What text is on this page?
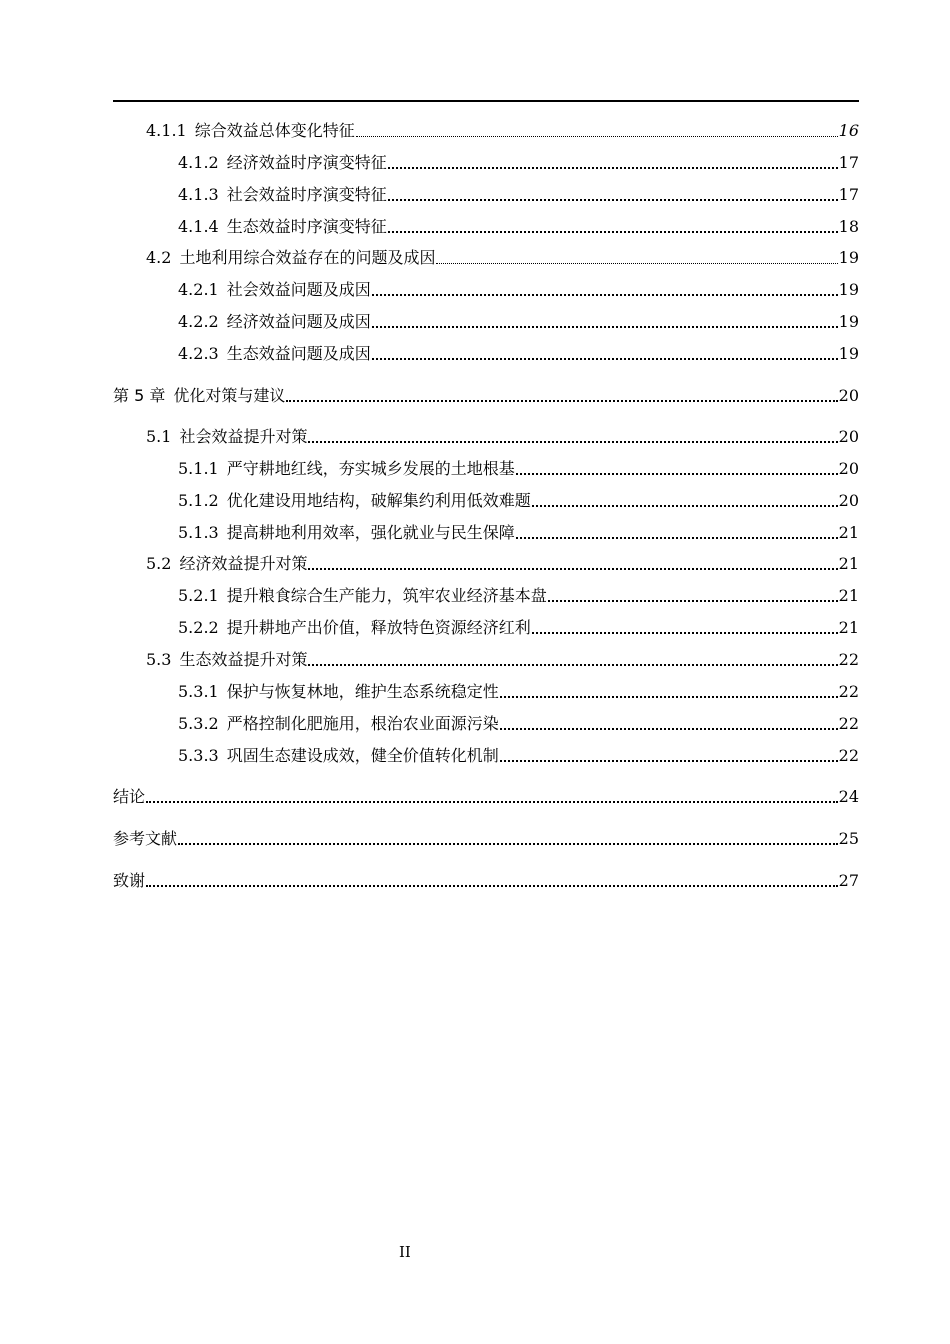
4.1.1 综合效益总体变化特征	16
4.1.2 经济效益时序演变特征	17
4.1.3 社会效益时序演变特征	17
4.1.4 生态效益时序演变特征	18
4.2 土地利用综合效益存在的问题及成因	19
4.2.1 社会效益问题及成因	19
4.2.2 经济效益问题及成因	19
4.2.3 生态效益问题及成因	19
第 5 章 优化对策与建议	20
5.1 社会效益提升对策	20
5.1.1 严守耕地红线，夯实城乡发展的土地根基	20
5.1.2 优化建设用地结构，破解集约利用低效难题	20
5.1.3 提高耕地利用效率，强化就业与民生保障	21
5.2 经济效益提升对策	21
5.2.1 提升粮食综合生产能力，筑牢农业经济基本盘	21
5.2.2 提升耕地产出价值，释放特色资源经济红利	21
5.3 生态效益提升对策	22
5.3.1 保护与恢复林地，维护生态系统稳定性	22
5.3.2 严格控制化肥施用，根治农业面源污染	22
5.3.3 巩固生态建设成效，健全价值转化机制	22
结论	24
参考文献	25
致谢	27
II
